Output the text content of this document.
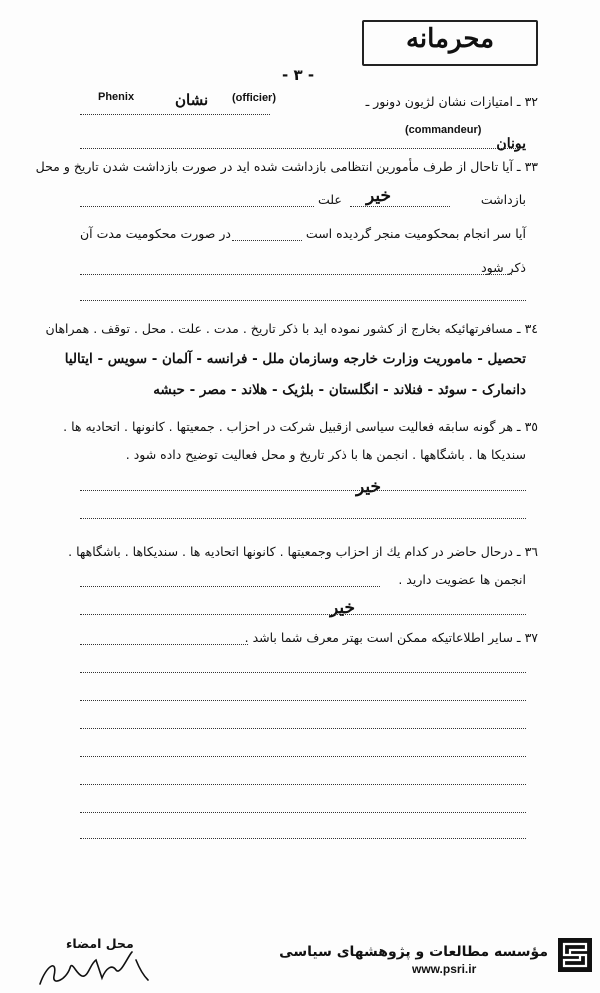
محرمانه
- ٣ -
٣٢ ـ امتیازات نشان لژیون دونور ـ
Phenix	(officier)
نشان
(commandeur)
یونان
٣٣ ـ آیا تاحال از طرف مأمورین انتظامی بازداشت شده اید در صورت بازداشت شدن تاریخ و محل
بازداشت
خیر
علت
آیا سر انجام بمحکومیت منجر گردیده است
در صورت محکومیت مدت آن
ذکر شود
٣٤ ـ مسافرتهائیکه بخارج از کشور نموده اید با ذکر تاریخ . مدت . علت . محل . توقف . همراهان
تحصیل - ماموریت وزارت خارجه وسازمان ملل - فرانسه - آلمان - سویس - ایتالیا
دانمارک - سوئد - فنلاند - انگلستان - بلژیک - هلاند - مصر - حبشه
٣٥ ـ هر گونه سابقه فعالیت سیاسی ازقبیل شرکت در احزاب . جمعیتها . کانونها . اتحادیه ها .
سندیکا ها . باشگاهها . انجمن ها با ذکر تاریخ و محل فعالیت توضیح داده شود .
خیر
٣٦ ـ درحال حاضر در کدام یك از احزاب وجمعیتها . کانونها اتحادیه ها . سندیکاها . باشگاهها .
انجمن ها عضویت دارید .
خیر
٣٧ ـ سایر اطلاعاتیکه ممکن است بهتر معرف شما باشد .
محل امضاء
مؤسسه مطالعات و پژوهشهای سیاسی
www.psri.ir
